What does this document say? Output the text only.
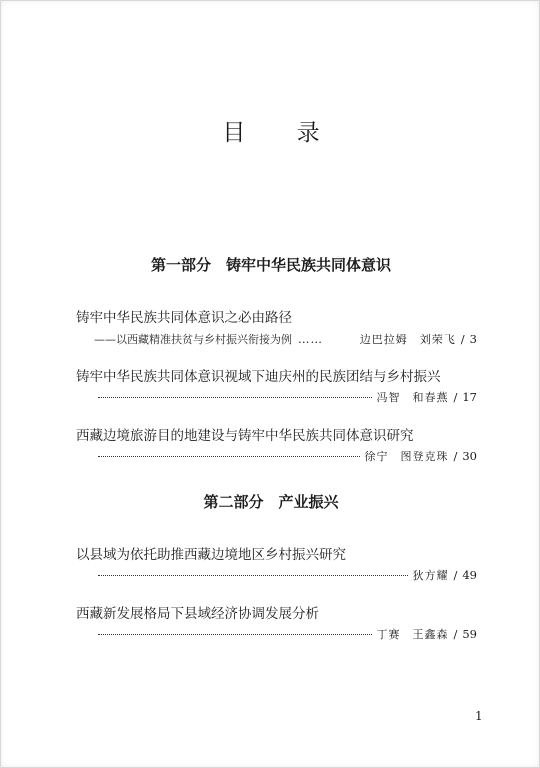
目 录
第一部分　铸牢中华民族共同体意识
铸牢中华民族共同体意识之必由路径
——以西藏精准扶贫与乡村振兴衔接为例 ……	边巴拉姆　刘荣飞 / 3
铸牢中华民族共同体意识视域下迪庆州的民族团结与乡村振兴
冯智　和春燕 / 17
西藏边境旅游目的地建设与铸牢中华民族共同体意识研究
徐宁　图登克珠 / 30
第二部分　产业振兴
以县域为依托助推西藏边境地区乡村振兴研究
狄方耀 / 49
西藏新发展格局下县域经济协调发展分析
丁赛　王鑫森 / 59
1
